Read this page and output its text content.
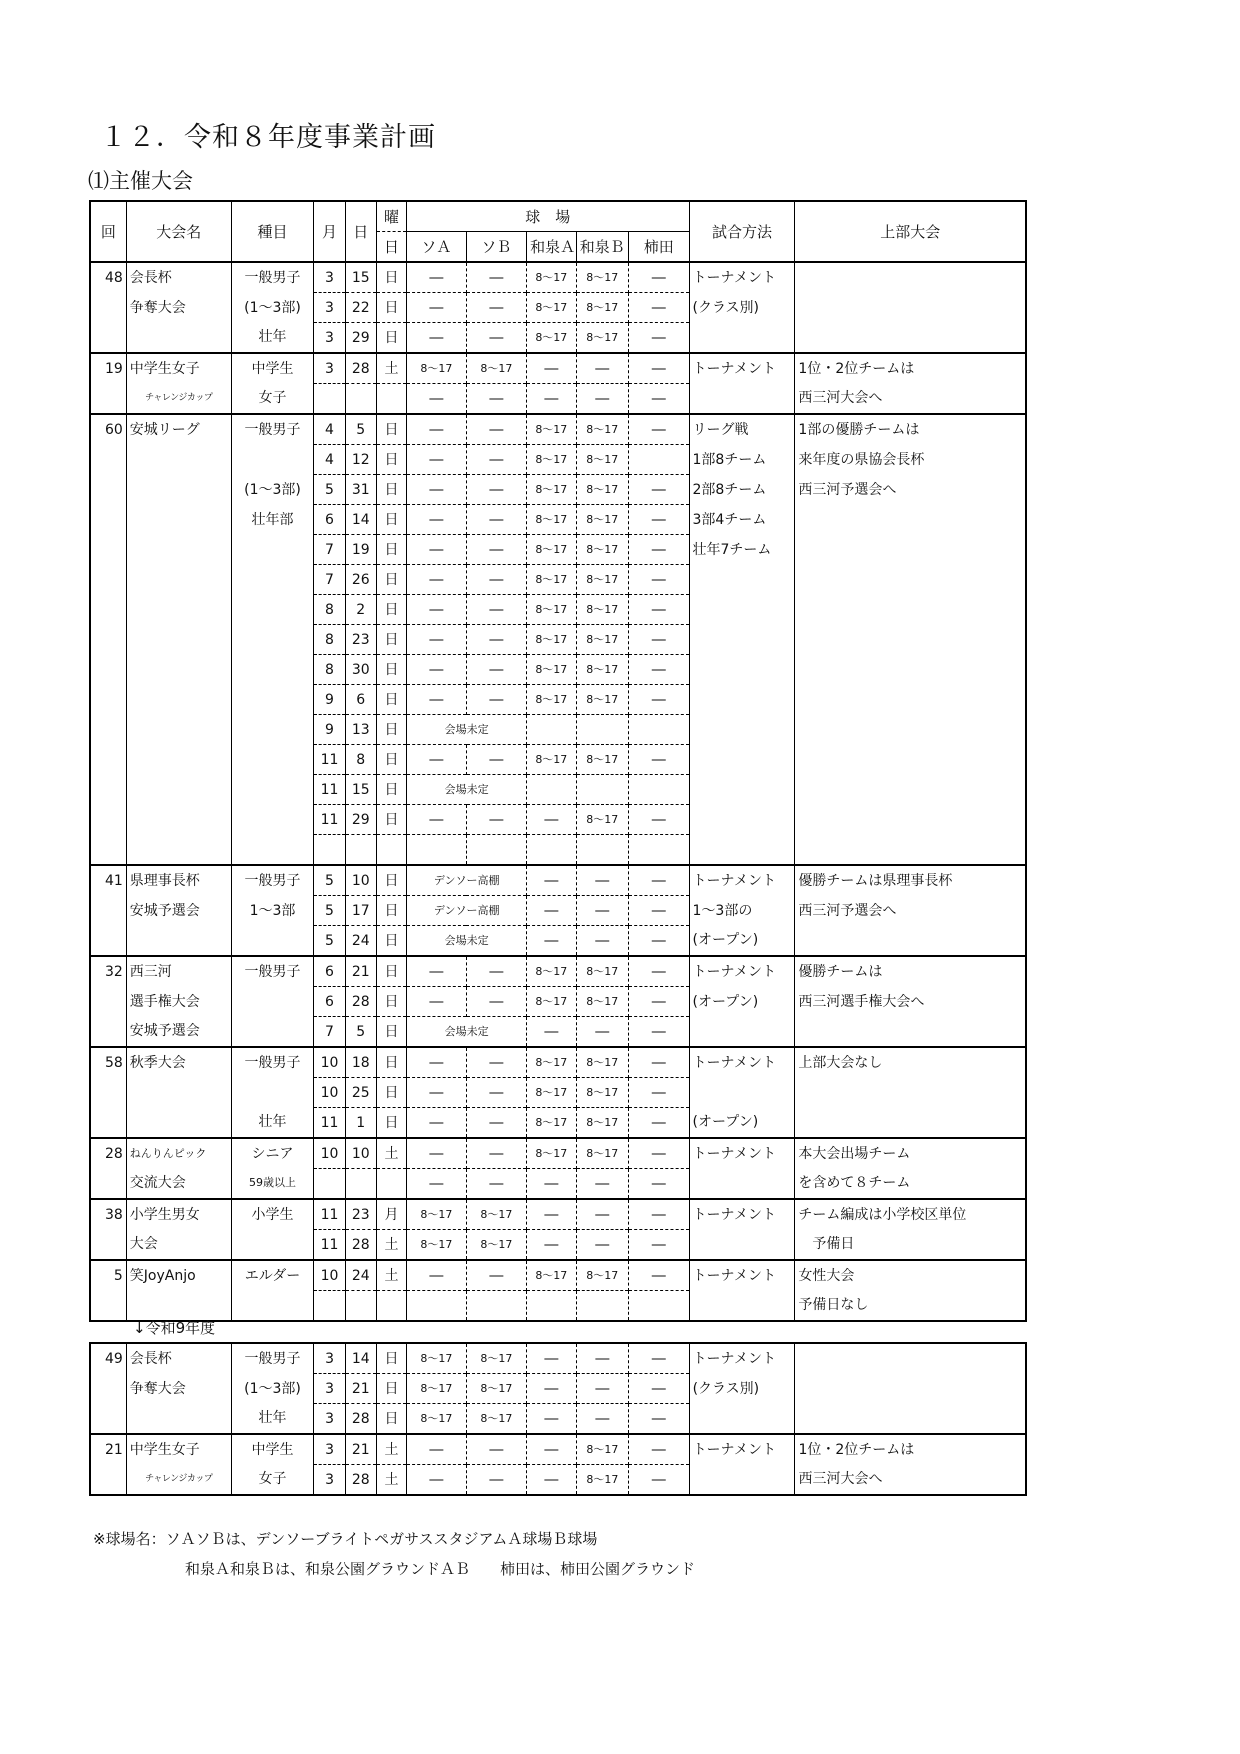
１２．令和８年度事業計画
⑴主催大会
回	大会名	種目	月	日	曜	球　場					試合方法	上部大会
					日	ソＡ	ソＢ	和泉Ａ	和泉Ｂ	柿田		
48	会長杯	一般男子	3	15	日	―	―	8～17	8～17	―	トーナメント	
	争奪大会	(1～3部)	3	22	日	―	―	8～17	8～17	―	(クラス別)	
		壮年	3	29	日	―	―	8～17	8～17	―		
19	中学生女子	中学生	3	28	土	8～17	8～17	―	―	―	トーナメント	1位・2位チームは
	チャレンジカップ	女子				―	―	―	―	―		西三河大会へ
60	安城リーグ	一般男子	4	5	日	―	―	8～17	8～17	―	リーグ戦	1部の優勝チームは
			4	12	日	―	―	8～17	8～17		1部8チーム	来年度の県協会長杯
		(1～3部)	5	31	日	―	―	8～17	8～17	―	2部8チーム	西三河予選会へ
		壮年部	6	14	日	―	―	8～17	8～17	―	3部4チーム	
			7	19	日	―	―	8～17	8～17	―	壮年7チーム	
			7	26	日	―	―	8～17	8～17	―		
			8	2	日	―	―	8～17	8～17	―		
			8	23	日	―	―	8～17	8～17	―		
			8	30	日	―	―	8～17	8～17	―		
			9	6	日	―	―	8～17	8～17	―		
			9	13	日	会場未定						
			11	8	日	―	―	8～17	8～17	―		
			11	15	日	会場未定						
			11	29	日	―	―	―	8～17	―		

41	県理事長杯	一般男子	5	10	日	デンソー高棚		―	―	―	トーナメント	優勝チームは県理事長杯
	安城予選会	1～3部	5	17	日	デンソー高棚		―	―	―	1～3部の	西三河予選会へ
			5	24	日	会場未定		―	―	―	(オープン)	
32	西三河	一般男子	6	21	日	―	―	8～17	8～17	―	トーナメント	優勝チームは
	選手権大会		6	28	日	―	―	8～17	8～17	―	(オープン)	西三河選手権大会へ
	安城予選会		7	5	日	会場未定		―	―	―		
58	秋季大会	一般男子	10	18	日	―	―	8～17	8～17	―	トーナメント	上部大会なし
			10	25	日	―	―	8～17	8～17	―		
		壮年	11	1	日	―	―	8～17	8～17	―	(オープン)	
28	ねんりんピック	シニア	10	10	土	―	―	8～17	8～17	―	トーナメント	本大会出場チーム
	交流大会	59歳以上				―	―	―	―	―		を含めて８チーム
38	小学生男女	小学生	11	23	月	8～17	8～17	―	―	―	トーナメント	チーム編成は小学校区単位
	大会		11	28	土	8～17	8～17	―	―	―		　予備日
5	笑JoyAnjo	エルダー	10	24	土	―	―	8～17	8～17	―	トーナメント	女性大会
												予備日なし
↓令和9年度
49	会長杯	一般男子	3	14	日	8～17	8～17	―	―	―	トーナメント	
	争奪大会	(1～3部)	3	21	日	8～17	8～17	―	―	―	(クラス別)	
		壮年	3	28	日	8～17	8～17	―	―	―		
21	中学生女子	中学生	3	21	土	―	―	―	8～17	―	トーナメント	1位・2位チームは
	チャレンジカップ	女子	3	28	土	―	―	―	8～17	―		西三河大会へ
※球場名：ソＡソＢは、デンソーブライトペガサススタジアムＡ球場Ｂ球場
和泉Ａ和泉Ｂは、和泉公園グラウンドＡＢ　　柿田は、柿田公園グラウンド
